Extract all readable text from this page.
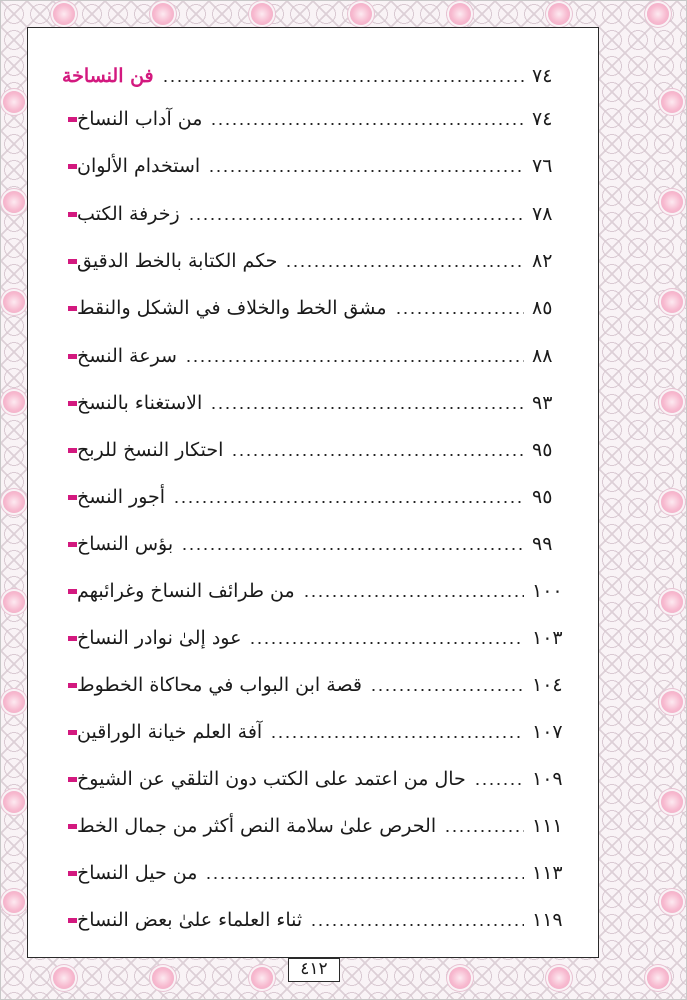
فن النساخة	٧٤
من آداب النساخ	٧٤
استخدام الألوان	٧٦
زخرفة الكتب	٧٨
حكم الكتابة بالخط الدقيق	٨٢
مشق الخط والخلاف في الشكل والنقط	٨٥
سرعة النسخ	٨٨
الاستغناء بالنسخ	٩٣
احتكار النسخ للربح	٩٥
أجور النسخ	٩٥
بؤس النساخ	٩٩
من طرائف النساخ وغرائبهم	١٠٠
عود إلىٰ نوادر النساخ	١٠٣
قصة ابن البواب في محاكاة الخطوط	١٠٤
آفة العلم خيانة الوراقين	١٠٧
حال من اعتمد على الكتب دون التلقي عن الشيوخ	١٠٩
الحرص علىٰ سلامة النص أكثر من جمال الخط	١١١
من حيل النساخ	١١٣
ثناء العلماء علىٰ بعض النساخ	١١٩
٤١٢
